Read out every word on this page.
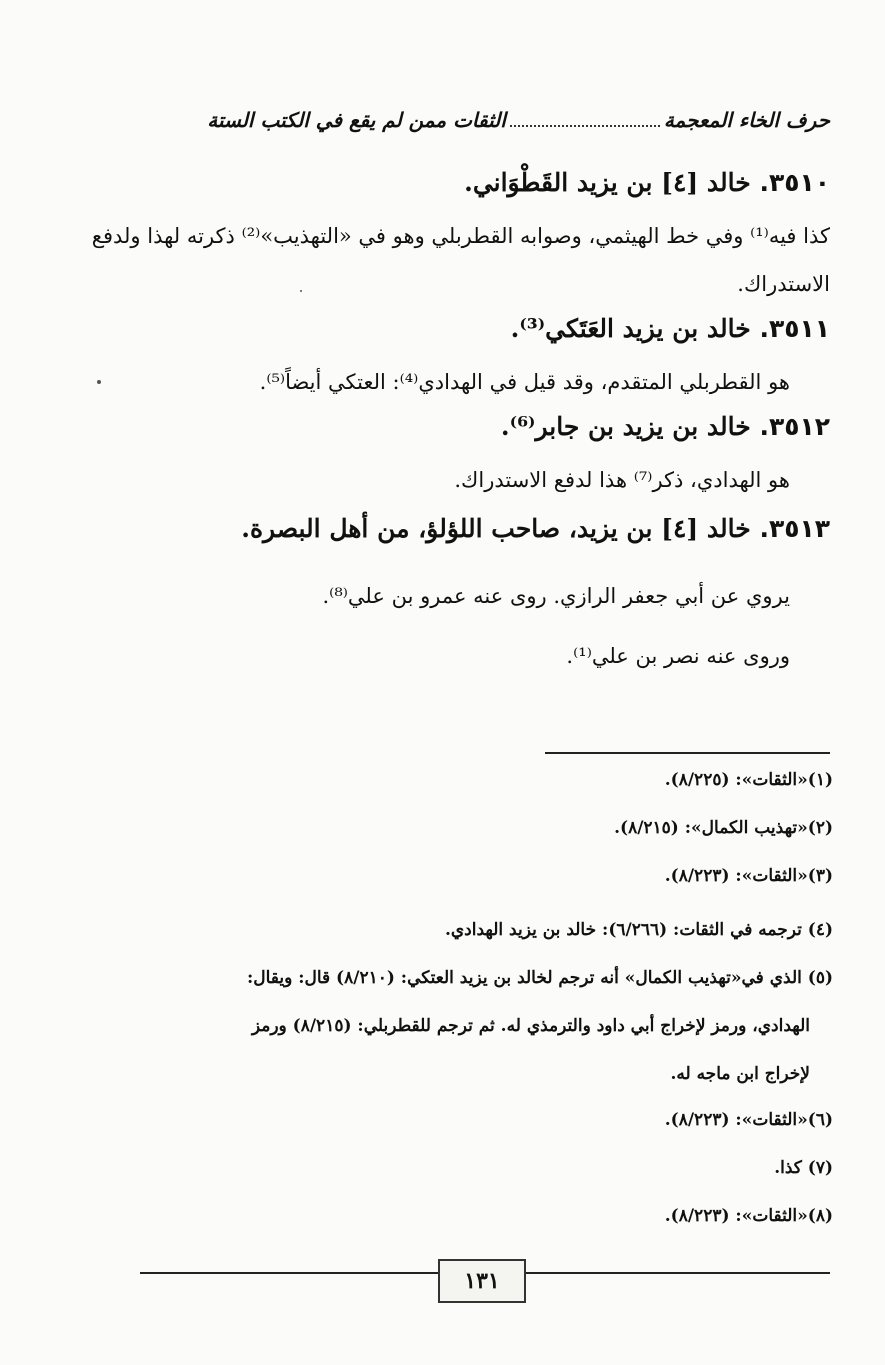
حرف الخاء المعجمة
الثقات ممن لم يقع في الكتب الستة
٣٥١٠. خالد [٤] بن يزيد القَطْوَاني.
كذا فيه⁽¹⁾ وفي خط الهيثمي، وصوابه القطربلي وهو في «التهذيب»⁽²⁾ ذكرته لهذا ولدفع الاستدراك.
٣٥١١. خالد بن يزيد العَتَكي⁽³⁾.
هو القطربلي المتقدم، وقد قيل في الهدادي⁽⁴⁾: العتكي أيضاً⁽⁵⁾.
٣٥١٢. خالد بن يزيد بن جابر⁽⁶⁾.
هو الهدادي، ذكر⁽⁷⁾ هذا لدفع الاستدراك.
٣٥١٣. خالد [٤] بن يزيد، صاحب اللؤلؤ، من أهل البصرة.
يروي عن أبي جعفر الرازي. روى عنه عمرو بن علي⁽⁸⁾.
وروى عنه نصر بن علي⁽¹⁾.
(١)«الثقات»: (٨/٢٢٥).
(٢)«تهذيب الكمال»: (٨/٢١٥).
(٣)«الثقات»: (٨/٢٢٣).
(٤) ترجمه في الثقات: (٦/٢٦٦): خالد بن يزيد الهدادي.
(٥) الذي في«تهذيب الكمال» أنه ترجم لخالد بن يزيد العتكي: (٨/٢١٠) قال: ويقال:
الهدادي، ورمز لإخراج أبي داود والترمذي له. ثم ترجم للقطربلي: (٨/٢١٥) ورمز
لإخراج ابن ماجه له.
(٦)«الثقات»: (٨/٢٢٣).
(٧) كذا.
(٨)«الثقات»: (٨/٢٢٣).
١٣١
